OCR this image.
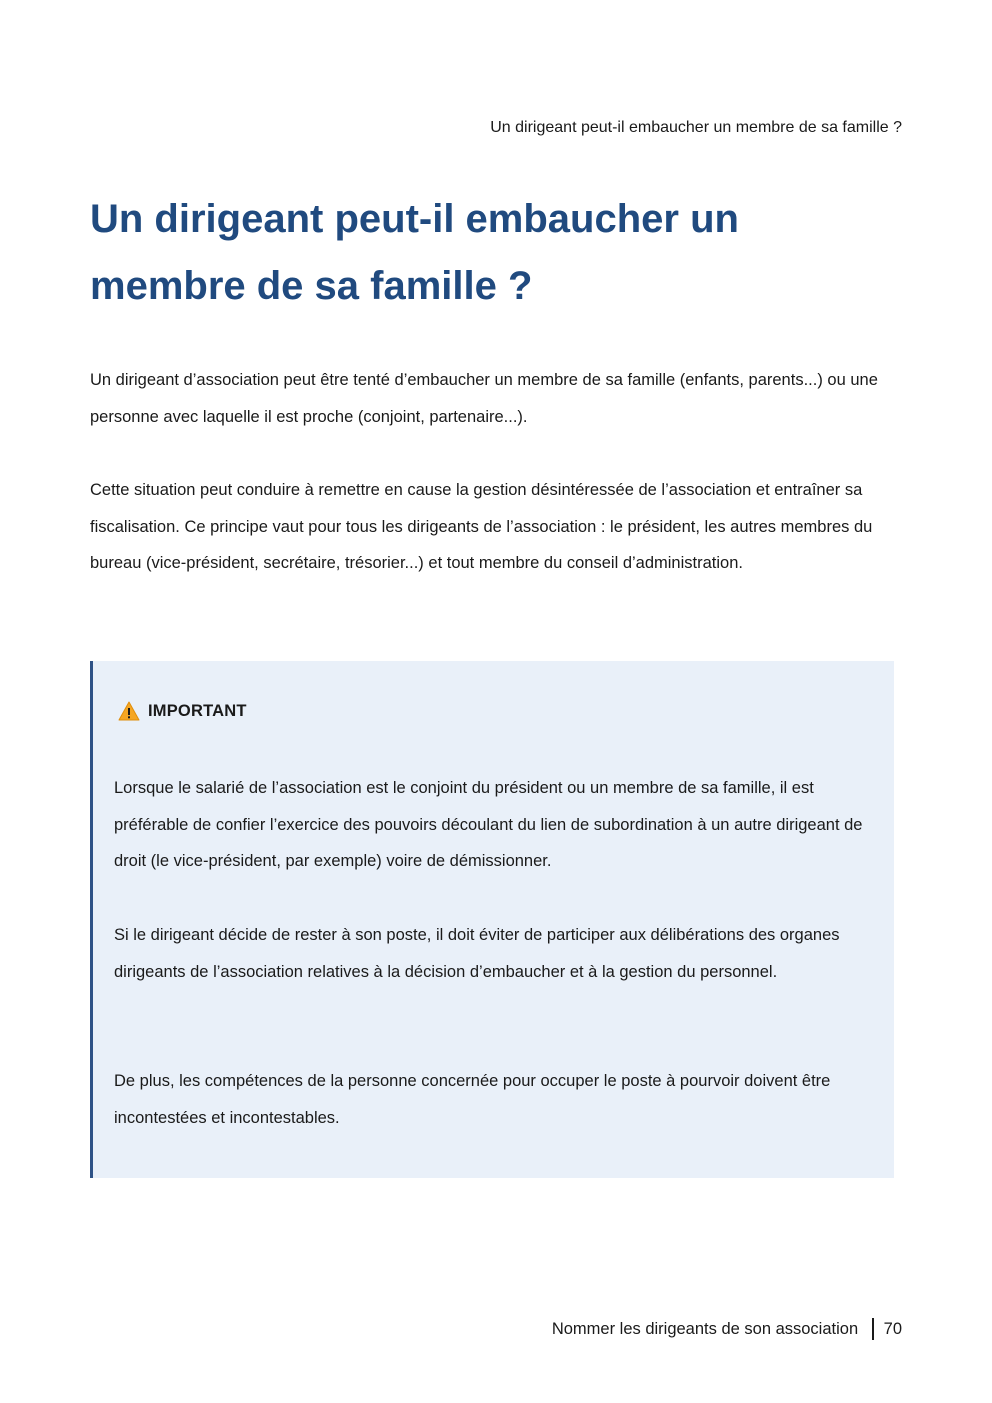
Un dirigeant peut-il embaucher un membre de sa famille ?
Un dirigeant peut-il embaucher un membre de sa famille ?

Un dirigeant d’association peut être tenté d’embaucher un membre de sa famille (enfants, parents...) ou une personne avec laquelle il est proche (conjoint, partenaire...).

Cette situation peut conduire à remettre en cause la gestion désintéressée de l’association et entraîner sa fiscalisation. Ce principe vaut pour tous les dirigeants de l’association : le président, les autres membres du bureau (vice-président, secrétaire, trésorier...) et tout membre du conseil d’administration.

IMPORTANT

Lorsque le salarié de l’association est le conjoint du président ou un membre de sa famille, il est préférable de confier l’exercice des pouvoirs découlant du lien de subordination à un autre dirigeant de droit (le vice-président, par exemple) voire de démissionner.

Si le dirigeant décide de rester à son poste, il doit éviter de participer aux délibérations des organes dirigeants de l’association relatives à la décision d’embaucher et à la gestion du personnel.

De plus, les compétences de la personne concernée pour occuper le poste à pourvoir doivent être incontestées et incontestables.

Nommer les dirigeants de son association 70
